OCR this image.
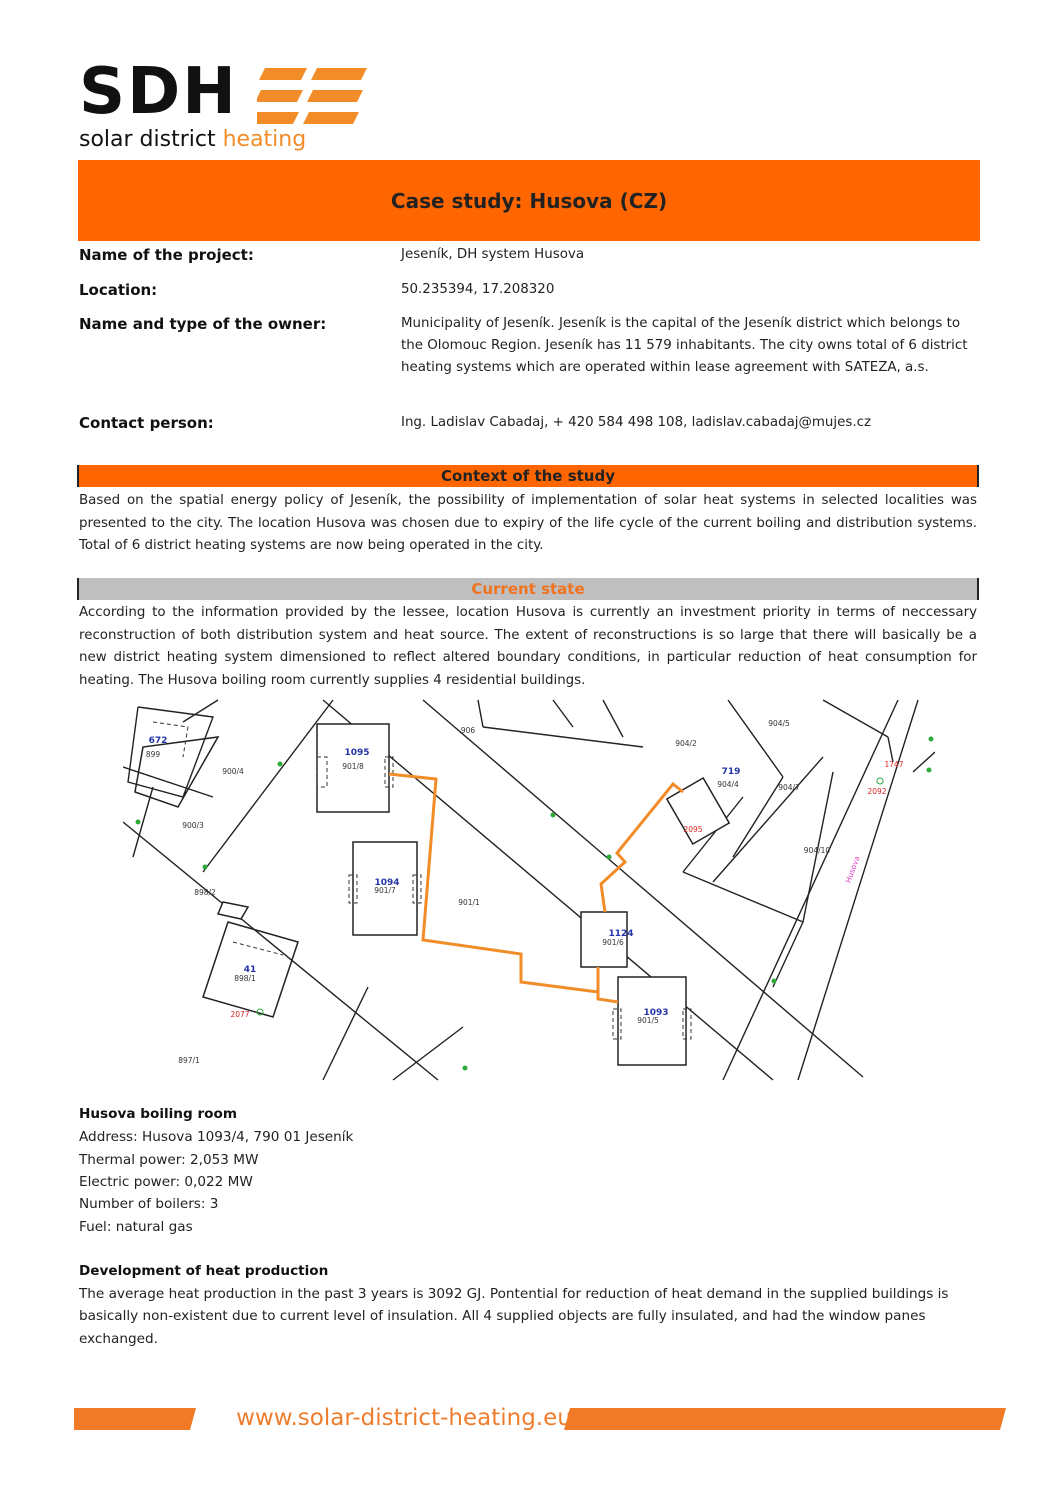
SDH
solar district heating
Case study: Husova (CZ)
Name of the project:	Jeseník, DH system Husova
Location:	50.235394, 17.208320
Name and type of the owner:	Municipality of Jeseník. Jeseník is the capital of the Jeseník district which belongs to the Olomouc Region. Jeseník has 11 579 inhabitants. The city owns total of 6 district heating systems which are operated within lease agreement with SATEZA, a.s.
Contact person:	Ing. Ladislav Cabadaj, + 420 584 498 108, ladislav.cabadaj@mujes.cz
Context of the study
Based on the spatial energy policy of Jeseník, the possibility of implementation of solar heat systems in selected localities was presented to the city. The location Husova was chosen due to expiry of the life cycle of the current boiling and distribution systems. Total of 6 district heating systems are now being operated in the city.
Current state
According to the information provided by the lessee, location Husova is currently an investment priority in terms of neccessary reconstruction of both distribution system and heat source. The extent of reconstructions is so large that there will basically be a new district heating system dimensioned to reflect altered boundary conditions, in particular reduction of heat consumption for heating. The Husova boiling room currently supplies 4 residential buildings.
1095
1094
1124
1093
719
672
41
901/8
901/7
901/6
901/5
904/4
899
898/1
906
904/2
904/5
904/7
904/10
900/4
900/3
898/2
901/1
897/1
1747
2092
2095
2077
Husova
Husova boiling room
Address: Husova 1093/4, 790 01 Jeseník
Thermal power: 2,053 MW
Electric power: 0,022 MW
Number of boilers: 3
Fuel: natural gas
Development of heat production
The average heat production in the past 3 years is 3092 GJ. Pontential for reduction of heat demand in the supplied buildings is
basically non-existent due to current level of insulation. All 4 supplied objects are fully insulated, and had the window panes
exchanged.
www.solar-district-heating.eu
